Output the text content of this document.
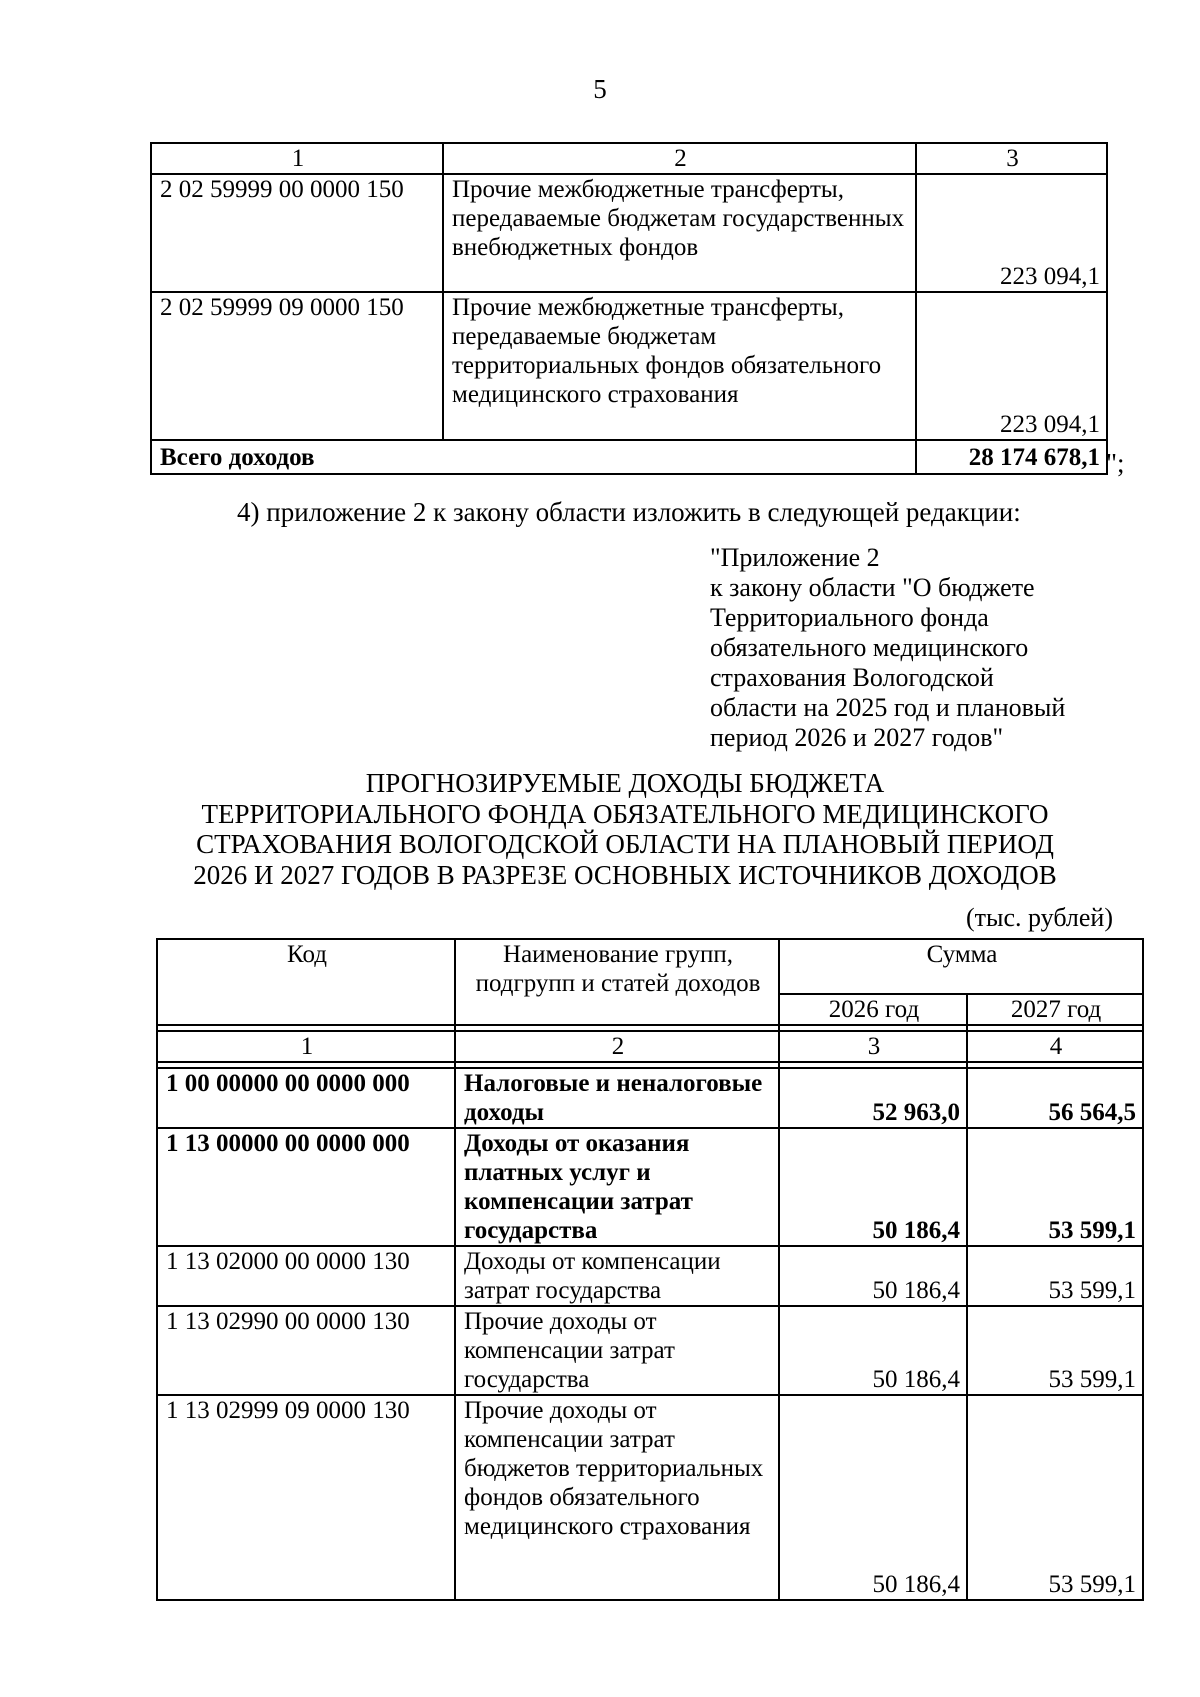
5
1	2	3
2 02 59999 00 0000 150	Прочие межбюджетные трансферты, передаваемые бюджетам государственных внебюджетных фондов	223 094,1
2 02 59999 09 0000 150	Прочие межбюджетные трансферты, передаваемые бюджетам территориальных фондов обязательного медицинского страхования	223 094,1
Всего доходов		28 174 678,1 ";
4) приложение 2 к закону области изложить в следующей редакции:
"Приложение 2
к закону области "О бюджете
Территориального фонда
обязательного медицинского
страхования Вологодской
области на 2025 год и плановый
период 2026 и 2027 годов"
ПРОГНОЗИРУЕМЫЕ ДОХОДЫ БЮДЖЕТА
ТЕРРИТОРИАЛЬНОГО ФОНДА ОБЯЗАТЕЛЬНОГО МЕДИЦИНСКОГО
СТРАХОВАНИЯ ВОЛОГОДСКОЙ ОБЛАСТИ НА ПЛАНОВЫЙ ПЕРИОД
2026 И 2027 ГОДОВ В РАЗРЕЗЕ ОСНОВНЫХ ИСТОЧНИКОВ ДОХОДОВ
(тыс. рублей)
Код	Наименование групп, подгрупп и статей доходов	Сумма	
		2026 год	2027 год

1	2	3	4

1 00 00000 00 0000 000	Налоговые и неналоговые доходы	52 963,0	56 564,5
1 13 00000 00 0000 000	Доходы от оказания платных услуг и компенсации затрат государства	50 186,4	53 599,1
1 13 02000 00 0000 130	Доходы от компенсации затрат государства	50 186,4	53 599,1
1 13 02990 00 0000 130	Прочие доходы от компенсации затрат государства	50 186,4	53 599,1
1 13 02999 09 0000 130	Прочие доходы от компенсации затрат бюджетов территориальных фондов обязательного медицинского страхования	50 186,4	53 599,1
